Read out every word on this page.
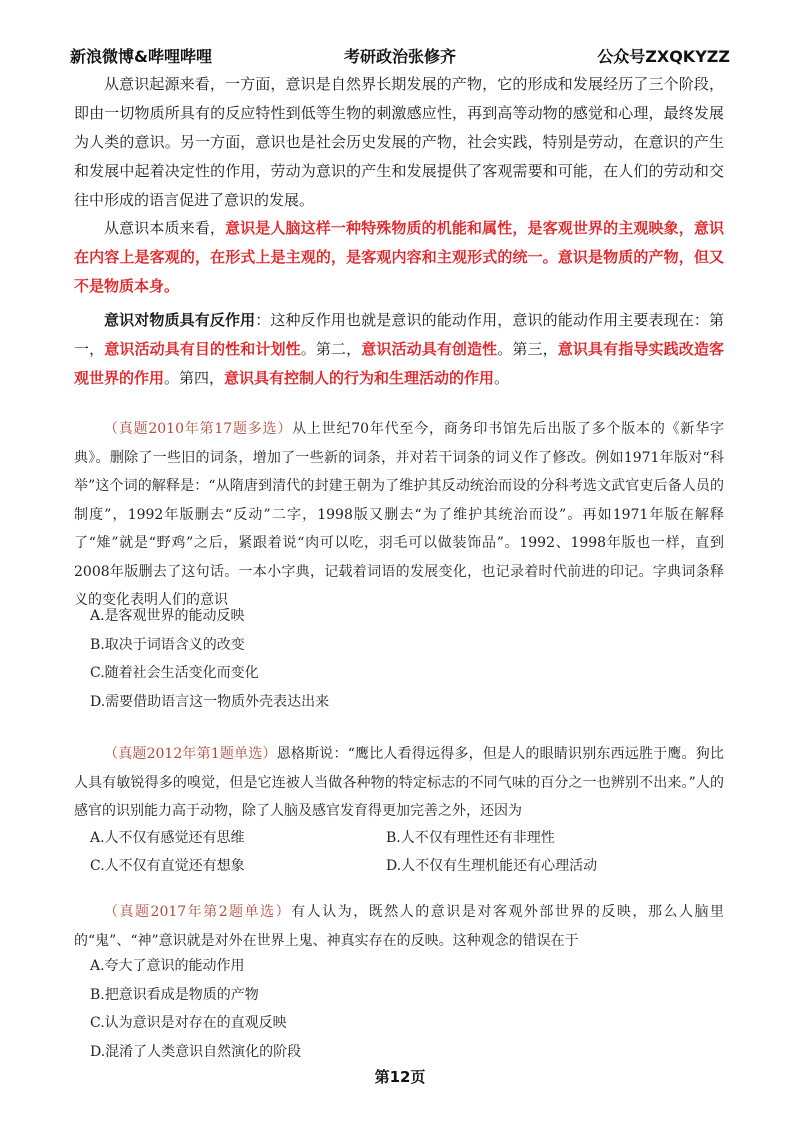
新浪微博&哔哩哔哩	考研政治张修齐	公众号ZXQKYZZ
从意识起源来看，一方面，意识是自然界长期发展的产物，它的形成和发展经历了三个阶段，即由一切物质所具有的反应特性到低等生物的刺激感应性，再到高等动物的感觉和心理，最终发展为人类的意识。另一方面，意识也是社会历史发展的产物，社会实践，特别是劳动，在意识的产生和发展中起着决定性的作用，劳动为意识的产生和发展提供了客观需要和可能，在人们的劳动和交往中形成的语言促进了意识的发展。
从意识本质来看，意识是人脑这样一种特殊物质的机能和属性，是客观世界的主观映象，意识在内容上是客观的，在形式上是主观的，是客观内容和主观形式的统一。意识是物质的产物，但又不是物质本身。
意识对物质具有反作用：这种反作用也就是意识的能动作用，意识的能动作用主要表现在：第一，意识活动具有目的性和计划性。第二，意识活动具有创造性。第三，意识具有指导实践改造客观世界的作用。第四，意识具有控制人的行为和生理活动的作用。
（真题2010年第17题多选）从上世纪70年代至今，商务印书馆先后出版了多个版本的《新华字典》。删除了一些旧的词条，增加了一些新的词条，并对若干词条的词义作了修改。例如1971年版对“科举”这个词的解释是：“从隋唐到清代的封建王朝为了维护其反动统治而设的分科考选文武官吏后备人员的制度”，1992年版删去“反动”二字，1998版又删去“为了维护其统治而设”。再如1971年版在解释了“雉”就是“野鸡”之后，紧跟着说“肉可以吃，羽毛可以做装饰品”。1992、1998年版也一样，直到2008年版删去了这句话。一本小字典，记载着词语的发展变化，也记录着时代前进的印记。字典词条释义的变化表明人们的意识
A.是客观世界的能动反映
B.取决于词语含义的改变
C.随着社会生活变化而变化
D.需要借助语言这一物质外壳表达出来
（真题2012年第1题单选）恩格斯说：“鹰比人看得远得多，但是人的眼睛识别东西远胜于鹰。狗比人具有敏锐得多的嗅觉，但是它连被人当做各种物的特定标志的不同气味的百分之一也辨别不出来。”人的感官的识别能力高于动物，除了人脑及感官发育得更加完善之外，还因为
A.人不仅有感觉还有思维	B.人不仅有理性还有非理性
C.人不仅有直觉还有想象	D.人不仅有生理机能还有心理活动
（真题2017年第2题单选）有人认为，既然人的意识是对客观外部世界的反映，那么人脑里的“鬼”、“神”意识就是对外在世界上鬼、神真实存在的反映。这种观念的错误在于
A.夸大了意识的能动作用
B.把意识看成是物质的产物
C.认为意识是对存在的直观反映
D.混淆了人类意识自然演化的阶段
第12页
